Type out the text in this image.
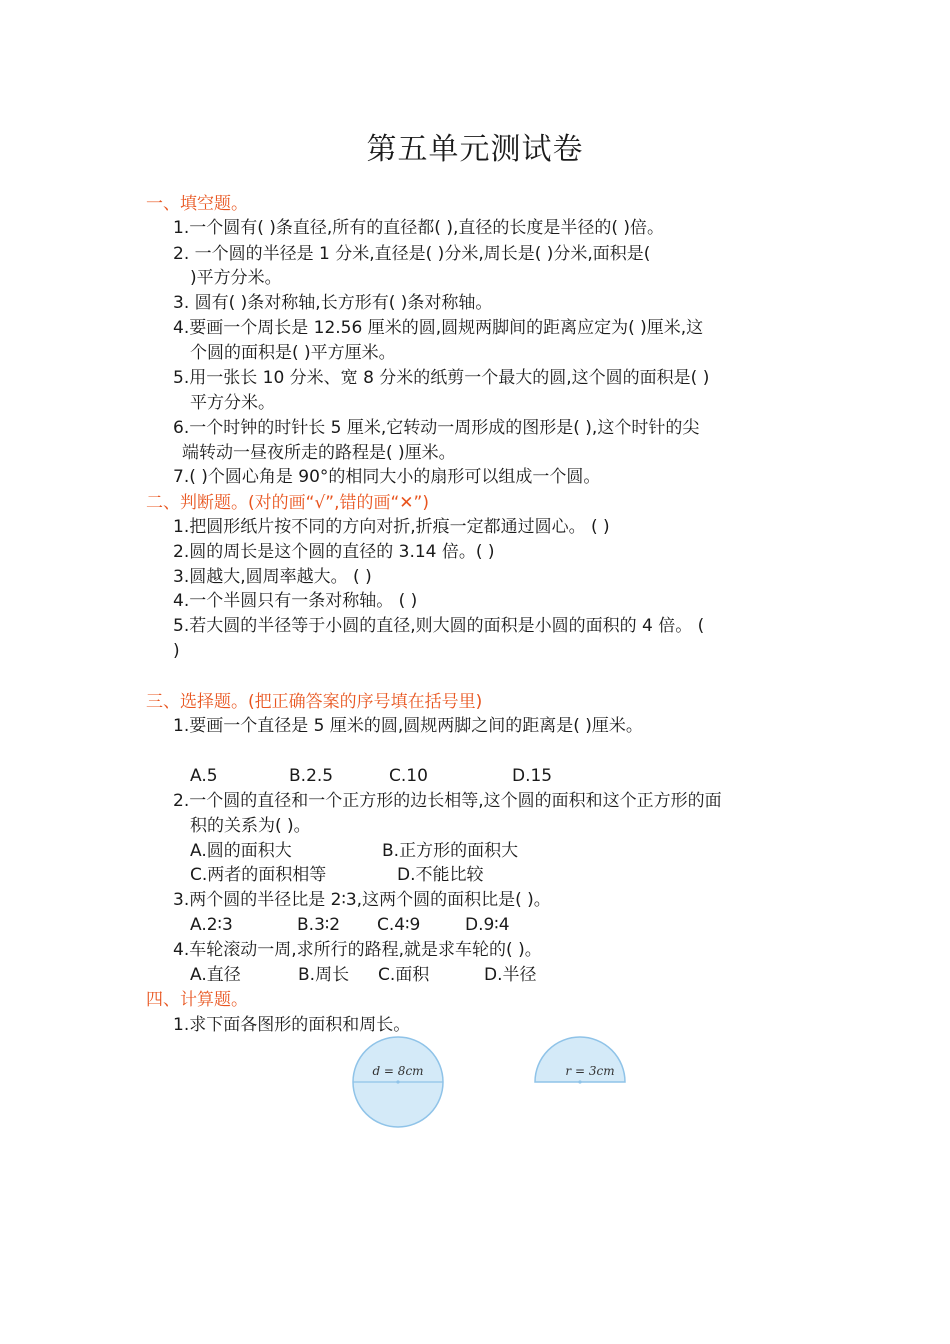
第五单元测试卷
一、填空题。
1.一个圆有( )条直径,所有的直径都( ),直径的长度是半径的( )倍。
2. 一个圆的半径是 1 分米,直径是( )分米,周长是( )分米,面积是(
)平方分米。
3. 圆有( )条对称轴,长方形有( )条对称轴。
4.要画一个周长是 12.56 厘米的圆,圆规两脚间的距离应定为( )厘米,这
个圆的面积是( )平方厘米。
5.用一张长 10 分米、宽 8 分米的纸剪一个最大的圆,这个圆的面积是( )
平方分米。
6.一个时钟的时针长 5 厘米,它转动一周形成的图形是( ),这个时针的尖
端转动一昼夜所走的路程是( )厘米。
7.( )个圆心角是 90°的相同大小的扇形可以组成一个圆。
二、判断题。(对的画“√”,错的画“✕”)
1.把圆形纸片按不同的方向对折,折痕一定都通过圆心。 ( )
2.圆的周长是这个圆的直径的 3.14 倍。( )
3.圆越大,圆周率越大。 ( )
4.一个半圆只有一条对称轴。 ( )
5.若大圆的半径等于小圆的直径,则大圆的面积是小圆的面积的 4 倍。 (
)
三、选择题。(把正确答案的序号填在括号里)
1.要画一个直径是 5 厘米的圆,圆规两脚之间的距离是( )厘米。
A.5	B.2.5	C.10	D.15
2.一个圆的直径和一个正方形的边长相等,这个圆的面积和这个正方形的面
积的关系为( )。
A.圆的面积大	B.正方形的面积大
C.两者的面积相等	D.不能比较
3.两个圆的半径比是 2∶3,这两个圆的面积比是( )。
A.2∶3	B.3∶2 C.4∶9	D.9∶4
4.车轮滚动一周,求所行的路程,就是求车轮的( )。
A.直径	B.周长 C.面积	D.半径
四、计算题。
1.求下面各图形的面积和周长。
d = 8cm	r = 3cm
